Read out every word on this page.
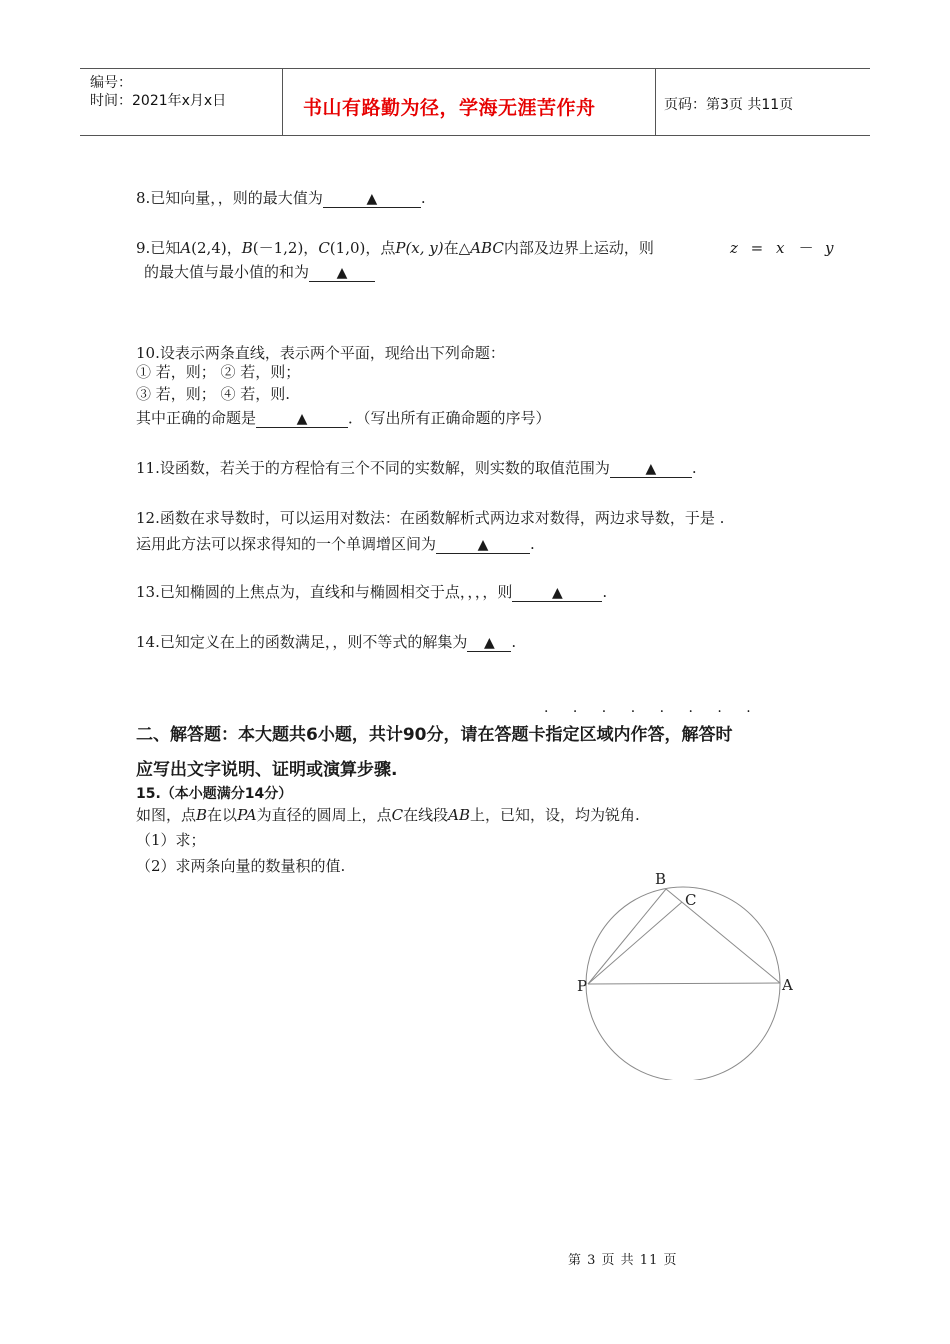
编号：
时间：2021年x月x日	书山有路勤为径，学海无涯苦作舟	页码：第3页 共11页
8.已知向量，，则的最大值为	▲	.
9.已知A(2,4)，B(－1,2)，C(1,0)，点P(x, y)在△ABC内部及边界上运动，则	z = x － y
的最大值与最小值的和为 ▲
10.设表示两条直线，表示两个平面，现给出下列命题：
① 若，则； ② 若，则；
③ 若，则； ④ 若，则.
其中正确的命题是	▲	．（写出所有正确命题的序号）
11.设函数，若关于的方程恰有三个不同的实数解，则实数的取值范围为	▲ .
12.函数在求导数时，可以运用对数法：在函数解析式两边求对数得，两边求导数，于是 .
运用此方法可以探求得知的一个单调增区间为	▲	.
13.已知椭圆的上焦点为，直线和与椭圆相交于点，，，，则	▲	.
14.已知定义在上的函数满足，，则不等式的解集为 ▲ .
· · · · · · · ·
二、解答题：本大题共6小题，共计90分，请在答题卡指定区域内作答，解答时
应写出文字说明、证明或演算步骤.
15.（本小题满分14分）
如图，点B在以PA为直径的圆周上，点C在线段AB上，已知，设，均为锐角.
（1）求；
（2）求两条向量的数量积的值.
B
C
P	A
第 3 页 共 11 页
